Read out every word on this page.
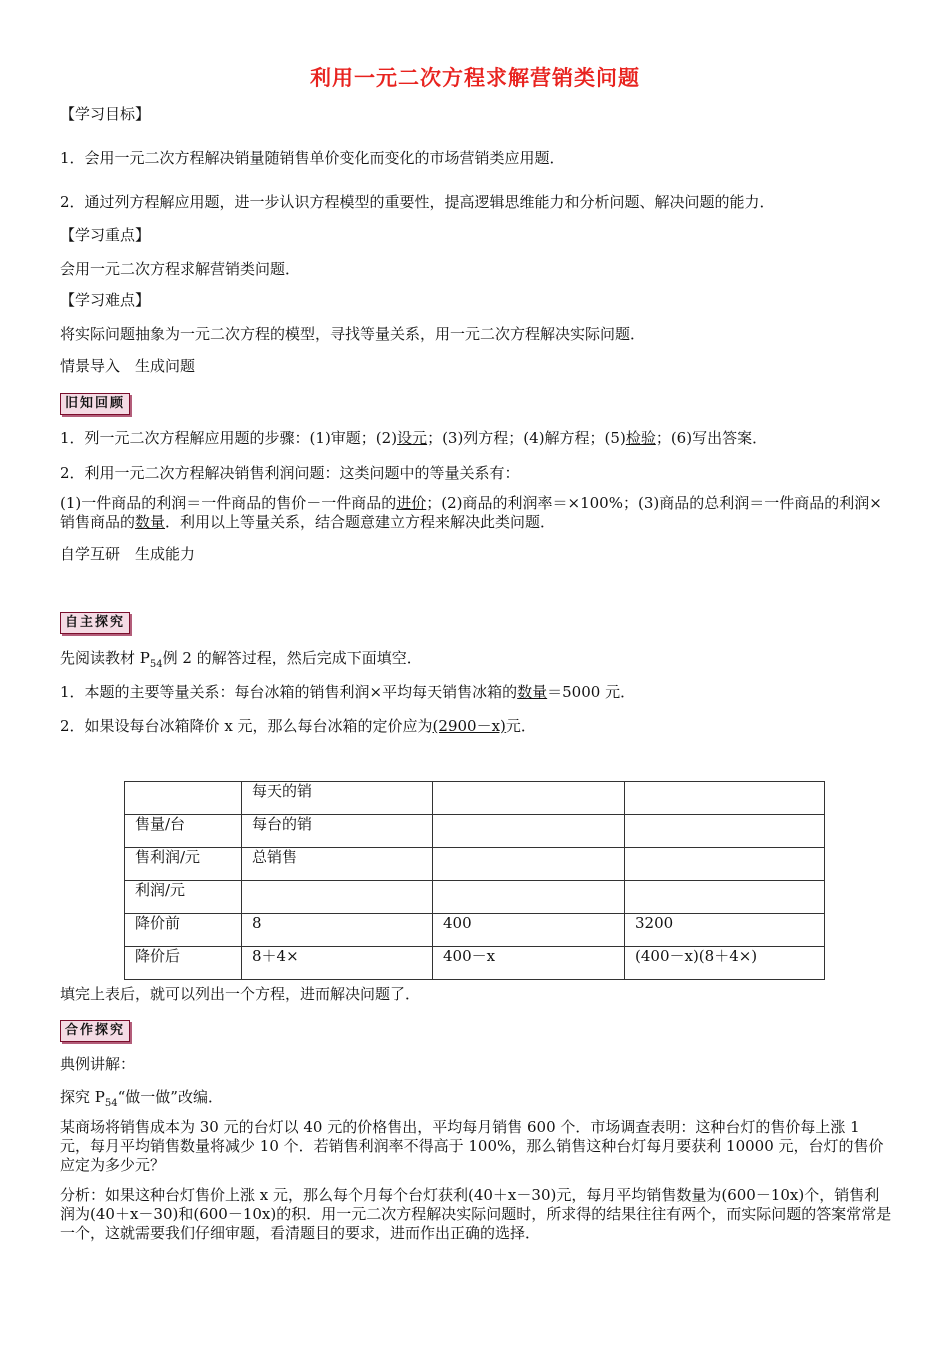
利用一元二次方程求解营销类问题
【学习目标】
1．会用一元二次方程解决销量随销售单价变化而变化的市场营销类应用题．
2．通过列方程解应用题，进一步认识方程模型的重要性，提高逻辑思维能力和分析问题、解决问题的能力．
【学习重点】
会用一元二次方程求解营销类问题．
【学习难点】
将实际问题抽象为一元二次方程的模型，寻找等量关系，用一元二次方程解决实际问题．
情景导入　生成问题
旧知回顾
1．列一元二次方程解应用题的步骤：(1)审题；(2)设元；(3)列方程；(4)解方程；(5)检验；(6)写出答案．
2．利用一元二次方程解决销售利润问题：这类问题中的等量关系有：
(1)一件商品的利润＝一件商品的售价－一件商品的进价；(2)商品的利润率＝×100%；(3)商品的总利润＝一件商品的利润×销售商品的数量．利用以上等量关系，结合题意建立方程来解决此类问题．
自学互研　生成能力
自主探究
先阅读教材 $P_{54}$例 2 的解答过程，然后完成下面填空．
1．本题的主要等量关系：每台冰箱的销售利润×平均每天销售冰箱的数量＝5000 元．
2．如果设每台冰箱降价 x 元，那么每台冰箱的定价应为(2900－x)元．
	每天的销		
售量/台	每台的销		
售利润/元	总销售		
利润/元			
降价前	8	400	3200
降价后	8＋4×	400－x	(400－x)(8＋4×)
填完上表后，就可以列出一个方程，进而解决问题了．
合作探究
典例讲解：
探究 $P_{54}“$做一做”改编．
某商场将销售成本为 30 元的台灯以 40 元的价格售出，平均每月销售 600 个．市场调查表明：这种台灯的售价每上涨 1 元，每月平均销售数量将减少 10 个．若销售利润率不得高于 100%，那么销售这种台灯每月要获利 10000 元，台灯的售价应定为多少元？
分析：如果这种台灯售价上涨 x 元，那么每个月每个台灯获利(40＋x－30)元，每月平均销售数量为(600－10x)个，销售利润为(40＋x－30)和(600－10x)的积．用一元二次方程解决实际问题时，所求得的结果往往有两个，而实际问题的答案常常是一个，这就需要我们仔细审题，看清题目的要求，进而作出正确的选择．
